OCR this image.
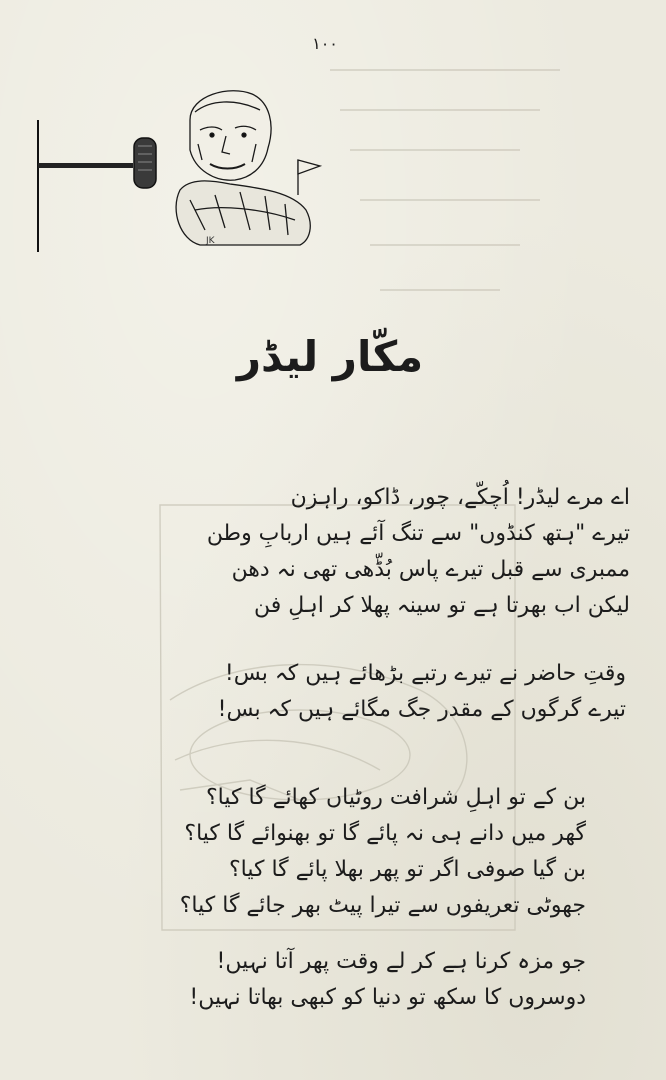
۱۰۰
JK
مکّار لیڈر
اے مرے لیڈر! اُچکّے، چور، ڈاکو، راہزن
تیرے "ہتھ کنڈوں" سے تنگ آئے ہیں اربابِ وطن
ممبری سے قبل تیرے پاس بُڈّھی تھی نہ دھن
لیکن اب بھرتا ہے تو سینہ پھلا کر اہلِ فن
وقتِ حاضر نے تیرے رتبے بڑھائے ہیں کہ بس!
تیرے گرگوں کے مقدر جگ مگائے ہیں کہ بس!
بن کے تو اہلِ شرافت روٹیاں کھائے گا کیا؟
گھر میں دانے ہی نہ پائے گا تو بھنوائے گا کیا؟
بن گیا صوفی اگر تو پھر بھلا پائے گا کیا؟
جھوٹی تعریفوں سے تیرا پیٹ بھر جائے گا کیا؟
جو مزہ کرنا ہے کر لے وقت پھر آتا نہیں!
دوسروں کا سکھ تو دنیا کو کبھی بھاتا نہیں!
